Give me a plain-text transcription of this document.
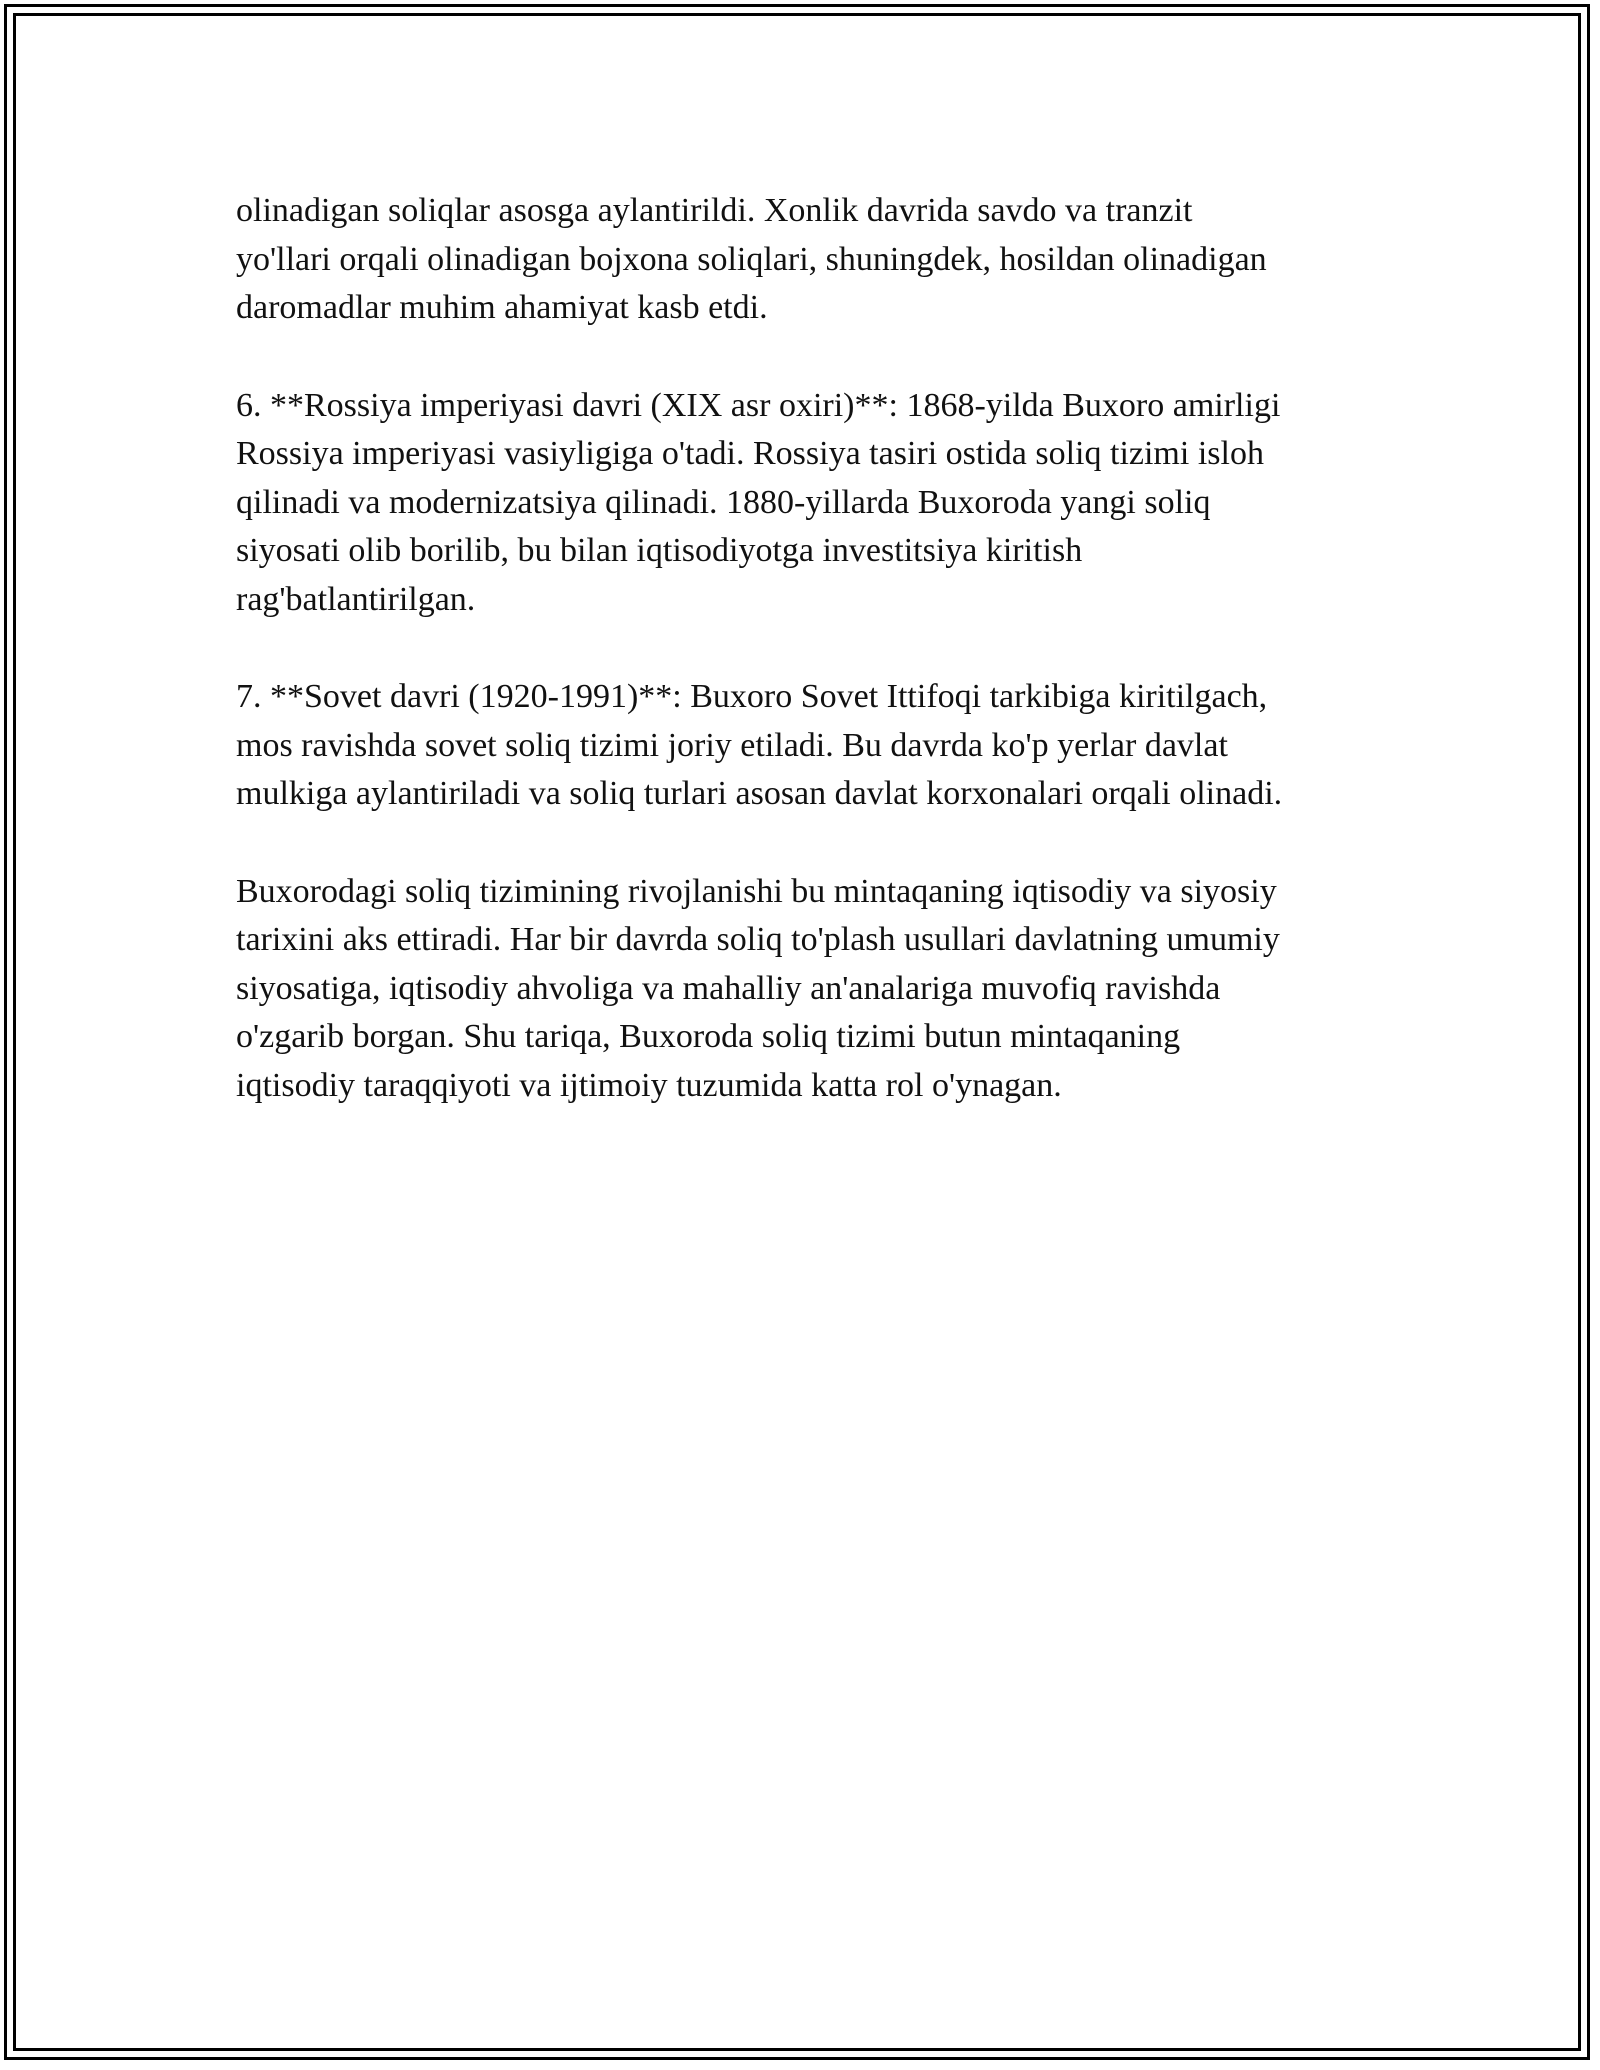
olinadigan soliqlar asosga aylantirildi. Xonlik davrida savdo va tranzit
yo'llari orqali olinadigan bojxona soliqlari, shuningdek, hosildan olinadigan
daromadlar muhim ahamiyat kasb etdi.

6. **Rossiya imperiyasi davri (XIX asr oxiri)**: 1868-yilda Buxoro amirligi
Rossiya imperiyasi vasiyligiga o'tadi. Rossiya tasiri ostida soliq tizimi isloh
qilinadi va modernizatsiya qilinadi. 1880-yillarda Buxoroda yangi soliq
siyosati olib borilib, bu bilan iqtisodiyotga investitsiya kiritish
rag'batlantirilgan.

7. **Sovet davri (1920-1991)**: Buxoro Sovet Ittifoqi tarkibiga kiritilgach,
mos ravishda sovet soliq tizimi joriy etiladi. Bu davrda ko'p yerlar davlat
mulkiga aylantiriladi va soliq turlari asosan davlat korxonalari orqali olinadi.

Buxorodagi soliq tizimining rivojlanishi bu mintaqaning iqtisodiy va siyosiy
tarixini aks ettiradi. Har bir davrda soliq to'plash usullari davlatning umumiy
siyosatiga, iqtisodiy ahvoliga va mahalliy an'analariga muvofiq ravishda
o'zgarib borgan. Shu tariqa, Buxoroda soliq tizimi butun mintaqaning
iqtisodiy taraqqiyoti va ijtimoiy tuzumida katta rol o'ynagan.
